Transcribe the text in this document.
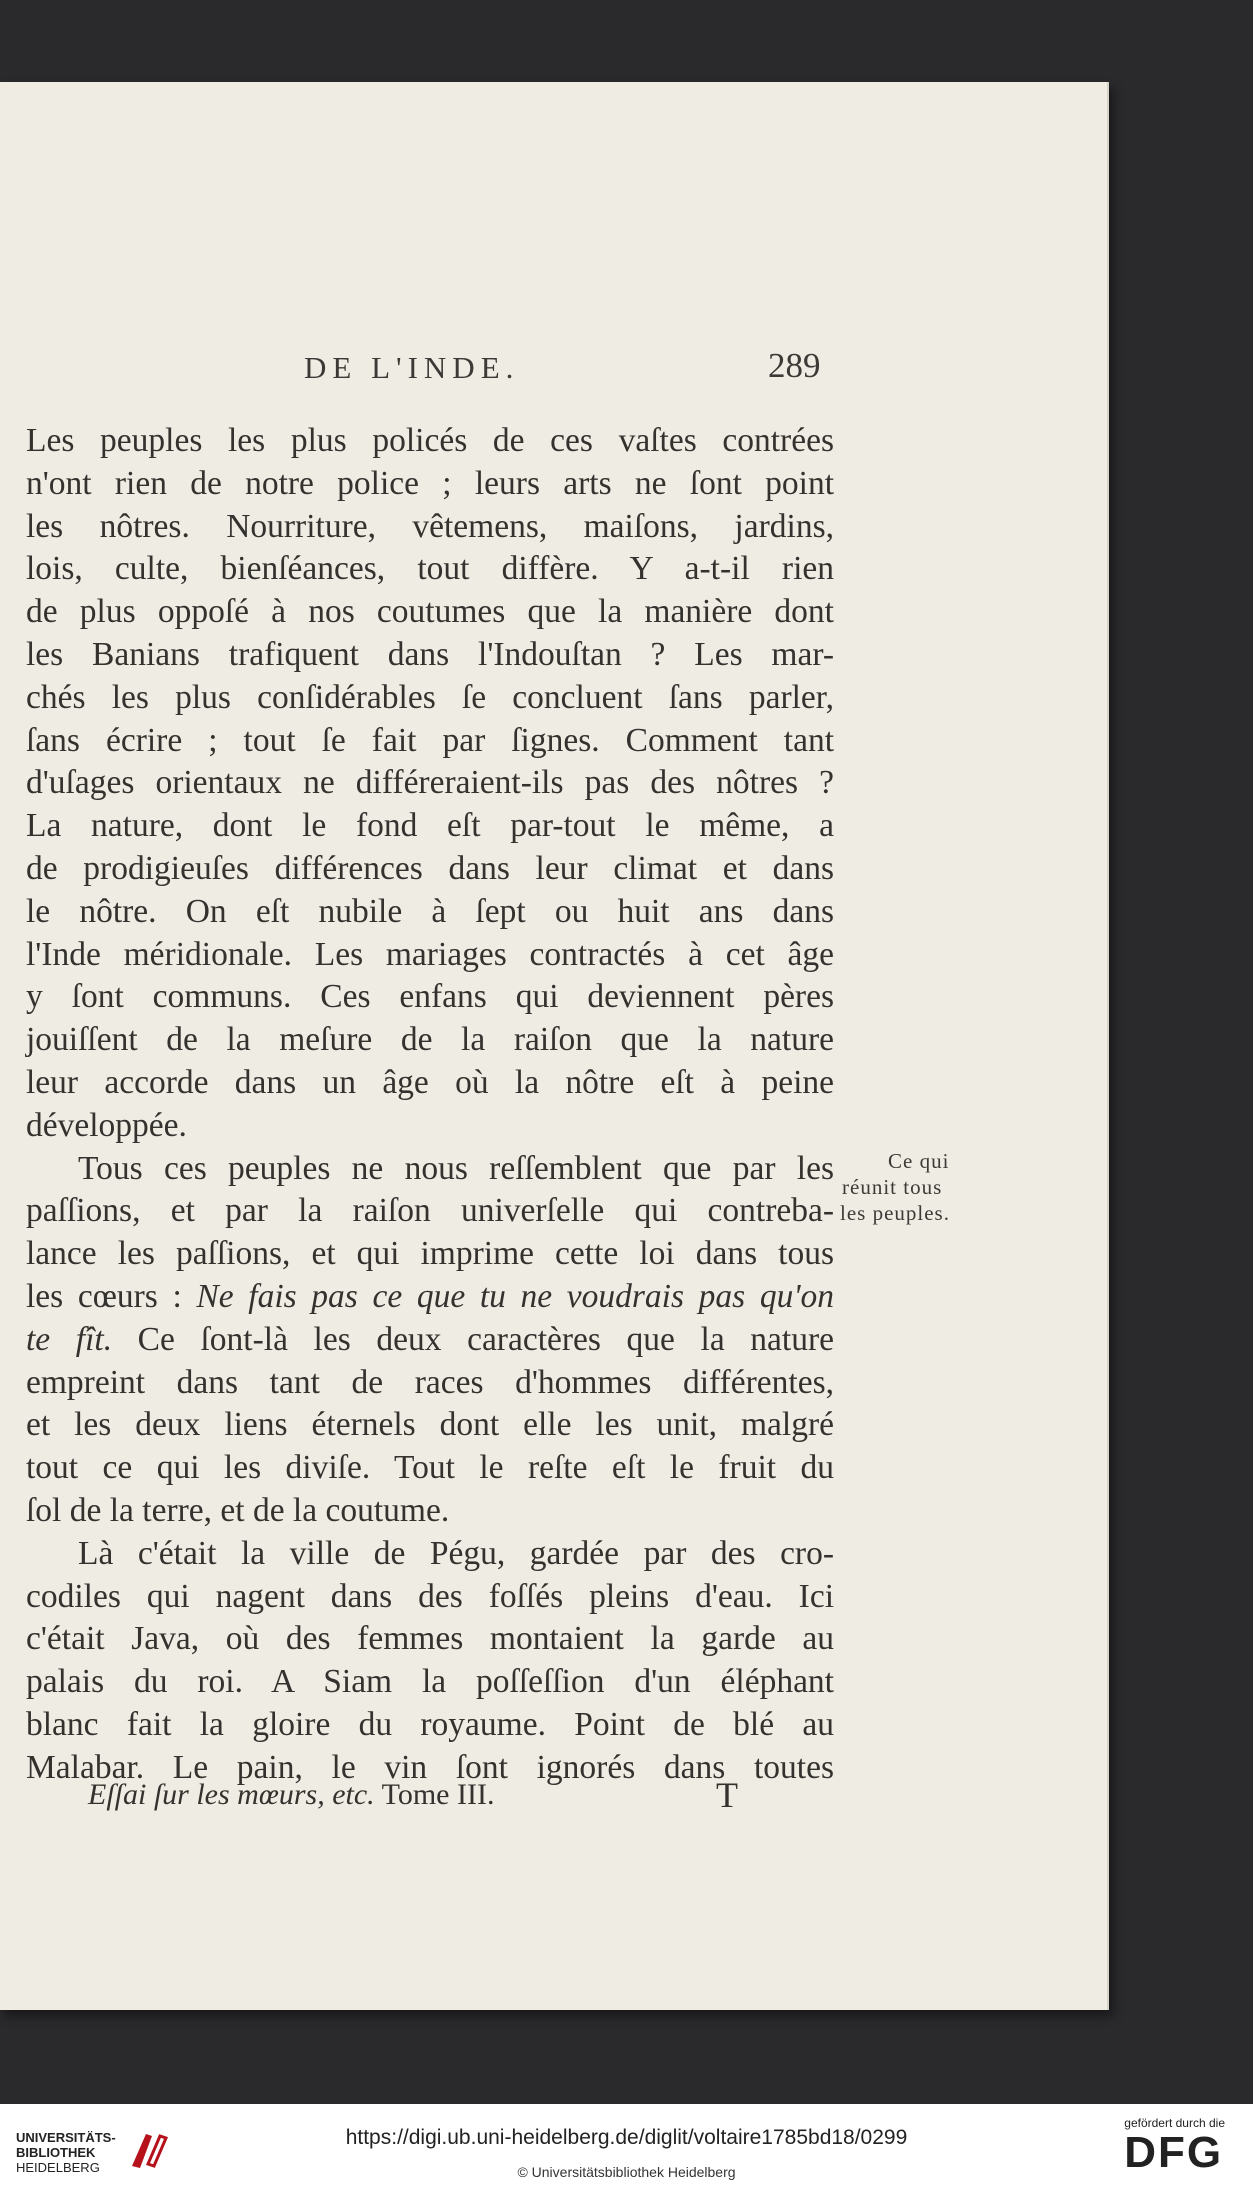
DE L'INDE.	289
Les peuples les plus policés de ces vaſtes contrées
n'ont rien de notre police ; leurs arts ne ſont point
les nôtres. Nourriture, vêtemens, maiſons, jardins,
lois, culte, bienſéances, tout diffère. Y a-t-il rien
de plus oppoſé à nos coutumes que la manière dont
les Banians trafiquent dans l'Indouſtan ? Les mar-
chés les plus conſidérables ſe concluent ſans parler,
ſans écrire ; tout ſe fait par ſignes. Comment tant
d'uſages orientaux ne différeraient-ils pas des nôtres ?
La nature, dont le fond eſt par-tout le même, a
de prodigieuſes différences dans leur climat et dans
le nôtre. On eſt nubile à ſept ou huit ans dans
l'Inde méridionale. Les mariages contractés à cet âge
y ſont communs. Ces enfans qui deviennent pères
jouiſſent de la meſure de la raiſon que la nature
leur accorde dans un âge où la nôtre eſt à peine
développée.
Tous ces peuples ne nous reſſemblent que par les
paſſions, et par la raiſon univerſelle qui contreba-
lance les paſſions, et qui imprime cette loi dans tous
les cœurs : Ne fais pas ce que tu ne voudrais pas qu'on
te fît. Ce ſont-là les deux caractères que la nature
empreint dans tant de races d'hommes différentes,
et les deux liens éternels dont elle les unit, malgré
tout ce qui les diviſe. Tout le reſte eſt le fruit du
ſol de la terre, et de la coutume.
Là c'était la ville de Pégu, gardée par des cro-
codiles qui nagent dans des foſſés pleins d'eau. Ici
c'était Java, où des femmes montaient la garde au
palais du roi. A Siam la poſſeſſion d'un éléphant
blanc fait la gloire du royaume. Point de blé au
Malabar. Le pain, le vin ſont ignorés dans toutes
Ce qui
réunit tous
les peuples.
Eſſai ſur les mœurs, etc. Tome III.	T
UNIVERSITÄTS-
BIBLIOTHEK
HEIDELBERG
https://digi.ub.uni-heidelberg.de/diglit/voltaire1785bd18/0299
© Universitätsbibliothek Heidelberg
gefördert durch die
DFG
